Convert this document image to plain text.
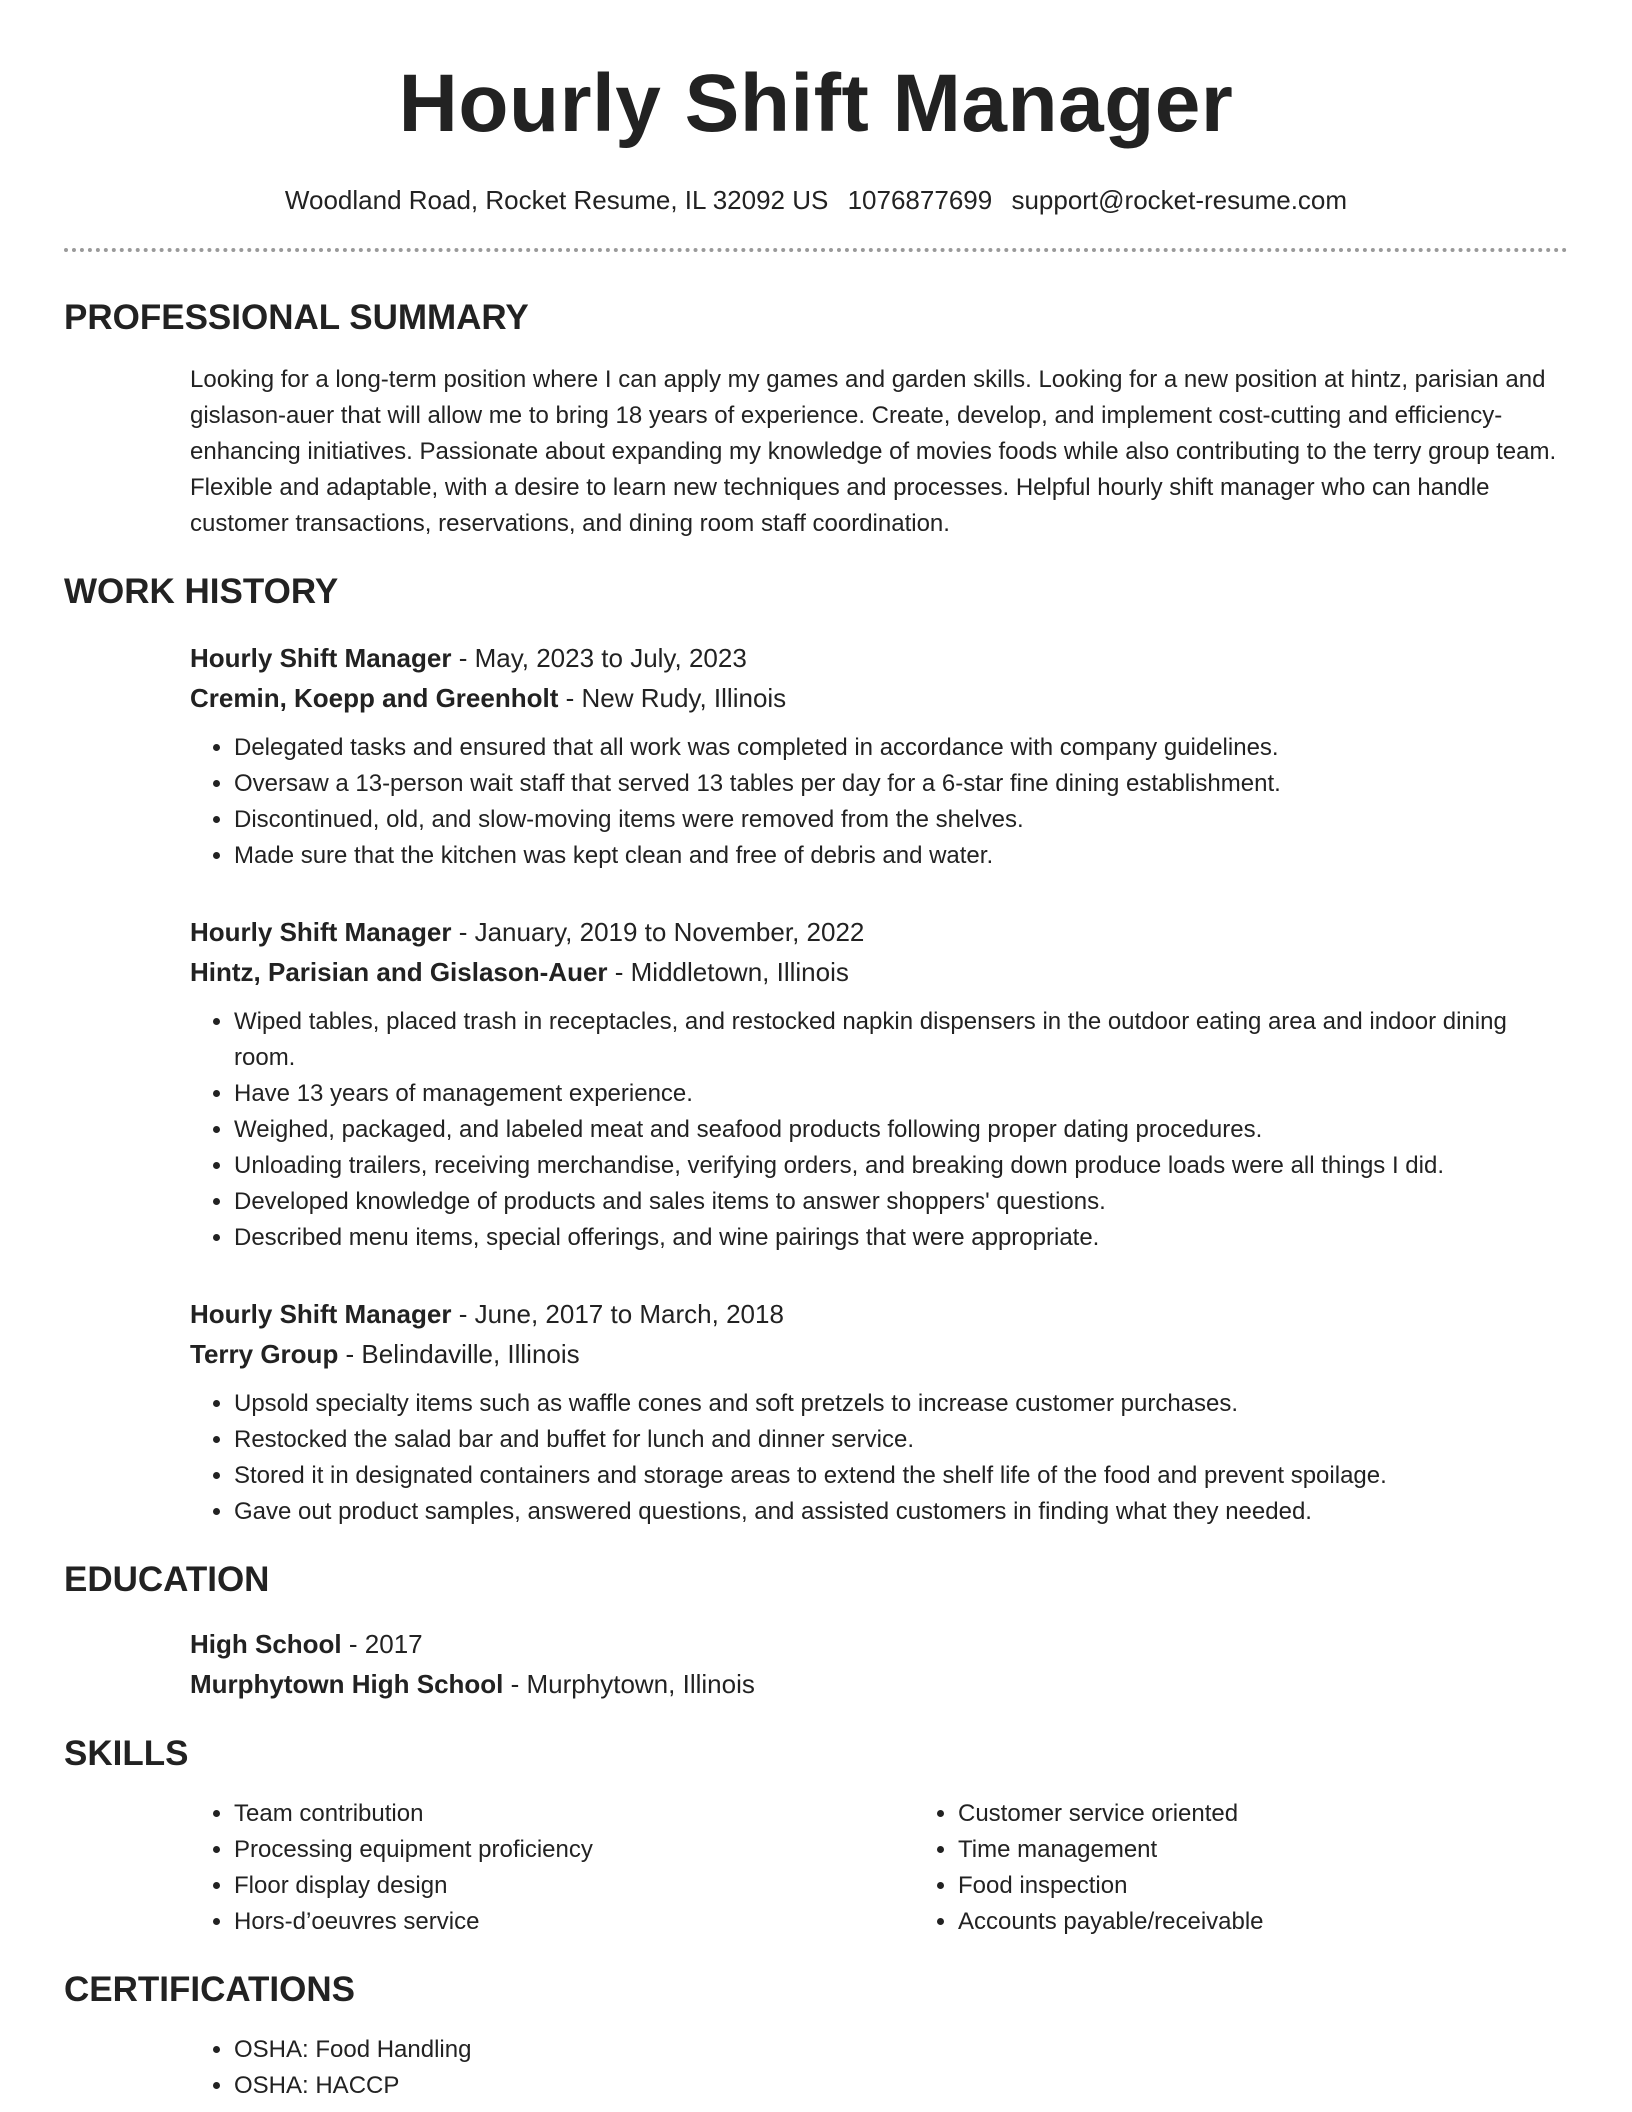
Hourly Shift Manager
Woodland Road, Rocket Resume, IL 32092 US 1076877699 support@rocket-resume.com
PROFESSIONAL SUMMARY
Looking for a long-term position where I can apply my games and garden skills. Looking for a new position at hintz, parisian and gislason-auer that will allow me to bring 18 years of experience. Create, develop, and implement cost-cutting and efficiency-enhancing initiatives. Passionate about expanding my knowledge of movies foods while also contributing to the terry group team. Flexible and adaptable, with a desire to learn new techniques and processes. Helpful hourly shift manager who can handle customer transactions, reservations, and dining room staff coordination.
WORK HISTORY
Hourly Shift Manager - May, 2023 to July, 2023
Cremin, Koepp and Greenholt - New Rudy, Illinois
• Delegated tasks and ensured that all work was completed in accordance with company guidelines.
• Oversaw a 13-person wait staff that served 13 tables per day for a 6-star fine dining establishment.
• Discontinued, old, and slow-moving items were removed from the shelves.
• Made sure that the kitchen was kept clean and free of debris and water.
Hourly Shift Manager - January, 2019 to November, 2022
Hintz, Parisian and Gislason-Auer - Middletown, Illinois
• Wiped tables, placed trash in receptacles, and restocked napkin dispensers in the outdoor eating area and indoor dining room.
• Have 13 years of management experience.
• Weighed, packaged, and labeled meat and seafood products following proper dating procedures.
• Unloading trailers, receiving merchandise, verifying orders, and breaking down produce loads were all things I did.
• Developed knowledge of products and sales items to answer shoppers' questions.
• Described menu items, special offerings, and wine pairings that were appropriate.
Hourly Shift Manager - June, 2017 to March, 2018
Terry Group - Belindaville, Illinois
• Upsold specialty items such as waffle cones and soft pretzels to increase customer purchases.
• Restocked the salad bar and buffet for lunch and dinner service.
• Stored it in designated containers and storage areas to extend the shelf life of the food and prevent spoilage.
• Gave out product samples, answered questions, and assisted customers in finding what they needed.
EDUCATION
High School - 2017
Murphytown High School - Murphytown, Illinois
SKILLS
• Team contribution
• Processing equipment proficiency
• Floor display design
• Hors-d’oeuvres service
• Customer service oriented
• Time management
• Food inspection
• Accounts payable/receivable
CERTIFICATIONS
• OSHA: Food Handling
• OSHA: HACCP
